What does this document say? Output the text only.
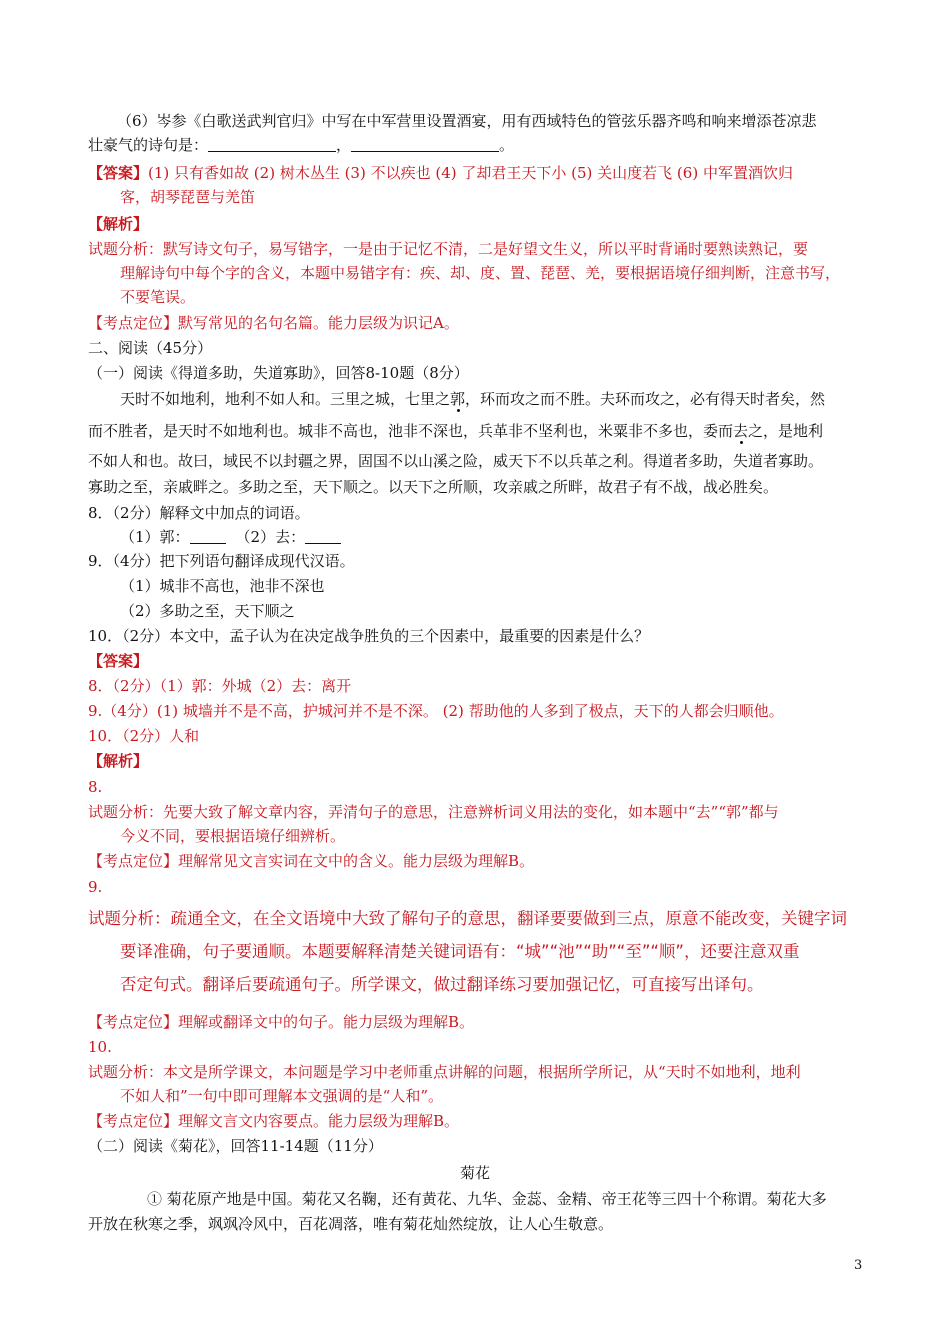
（6）岑参《白歌送武判官归》中写在中军营里设置酒宴，用有西域特色的管弦乐器齐鸣和响来增添苍凉悲
壮豪气的诗句是：	，	。
【答案】(1) 只有香如故 (2) 树木丛生 (3) 不以疾也 (4) 了却君王天下小 (5) 关山度若飞 (6) 中军置酒饮归
客，胡琴琵琶与羌笛
【解析】
试题分析：默写诗文句子，易写错字，一是由于记忆不清，二是好望文生义，所以平时背诵时要熟读熟记，要
理解诗句中每个字的含义，本题中易错字有：疾、却、度、置、琵琶、羌，要根据语境仔细判断，注意书写，
不要笔误。
【考点定位】默写常见的名句名篇。能力层级为识记A。
二、阅读（45分）
（一）阅读《得道多助，失道寡助》，回答8-10题（8分）
天时不如地利，地利不如人和。三里之城，七里之郭，环而攻之而不胜。夫环而攻之，必有得天时者矣，然
而不胜者，是天时不如地利也。城非不高也，池非不深也，兵革非不坚利也，米粟非不多也，委而去之，是地利
不如人和也。故曰，域民不以封疆之界，固国不以山溪之险，威天下不以兵革之利。得道者多助，失道者寡助。
寡助之至，亲戚畔之。多助之至，天下顺之。以天下之所顺，攻亲戚之所畔，故君子有不战，战必胜矣。
8．（2分）解释文中加点的词语。
（1）郭：	（2）去：
9．（4分）把下列语句翻译成现代汉语。
（1）城非不高也，池非不深也
（2）多助之至，天下顺之
10．（2分）本文中，孟子认为在决定战争胜负的三个因素中，最重要的因素是什么？
【答案】
8．（2分）（1）郭：外城（2）去：离开
9.（4分）(1) 城墙并不是不高，护城河并不是不深。 (2) 帮助他的人多到了极点，天下的人都会归顺他。
10．（2分）人和
【解析】
8.
试题分析：先要大致了解文章内容，弄清句子的意思，注意辨析词义用法的变化，如本题中“去”“郭”都与
今义不同，要根据语境仔细辨析。
【考点定位】理解常见文言实词在文中的含义。能力层级为理解B。
9.
试题分析：疏通全文，在全文语境中大致了解句子的意思，翻译要要做到三点，原意不能改变，关键字词
要译准确，句子要通顺。本题要解释清楚关键词语有：“城”“池”“助”“至”“顺”，还要注意双重
否定句式。翻译后要疏通句子。所学课文，做过翻译练习要加强记忆，可直接写出译句。
【考点定位】理解或翻译文中的句子。能力层级为理解B。
10.
试题分析：本文是所学课文，本问题是学习中老师重点讲解的问题，根据所学所记，从“天时不如地利，地利
不如人和”一句中即可理解本文强调的是“人和”。
【考点定位】理解文言文内容要点。能力层级为理解B。
（二）阅读《菊花》，回答11-14题（11分）
菊花
① 菊花原产地是中国。菊花又名鞠，还有黄花、九华、金蕊、金精、帝王花等三四十个称谓。菊花大多
开放在秋寒之季，飒飒冷风中，百花凋落，唯有菊花灿然绽放，让人心生敬意。
3
